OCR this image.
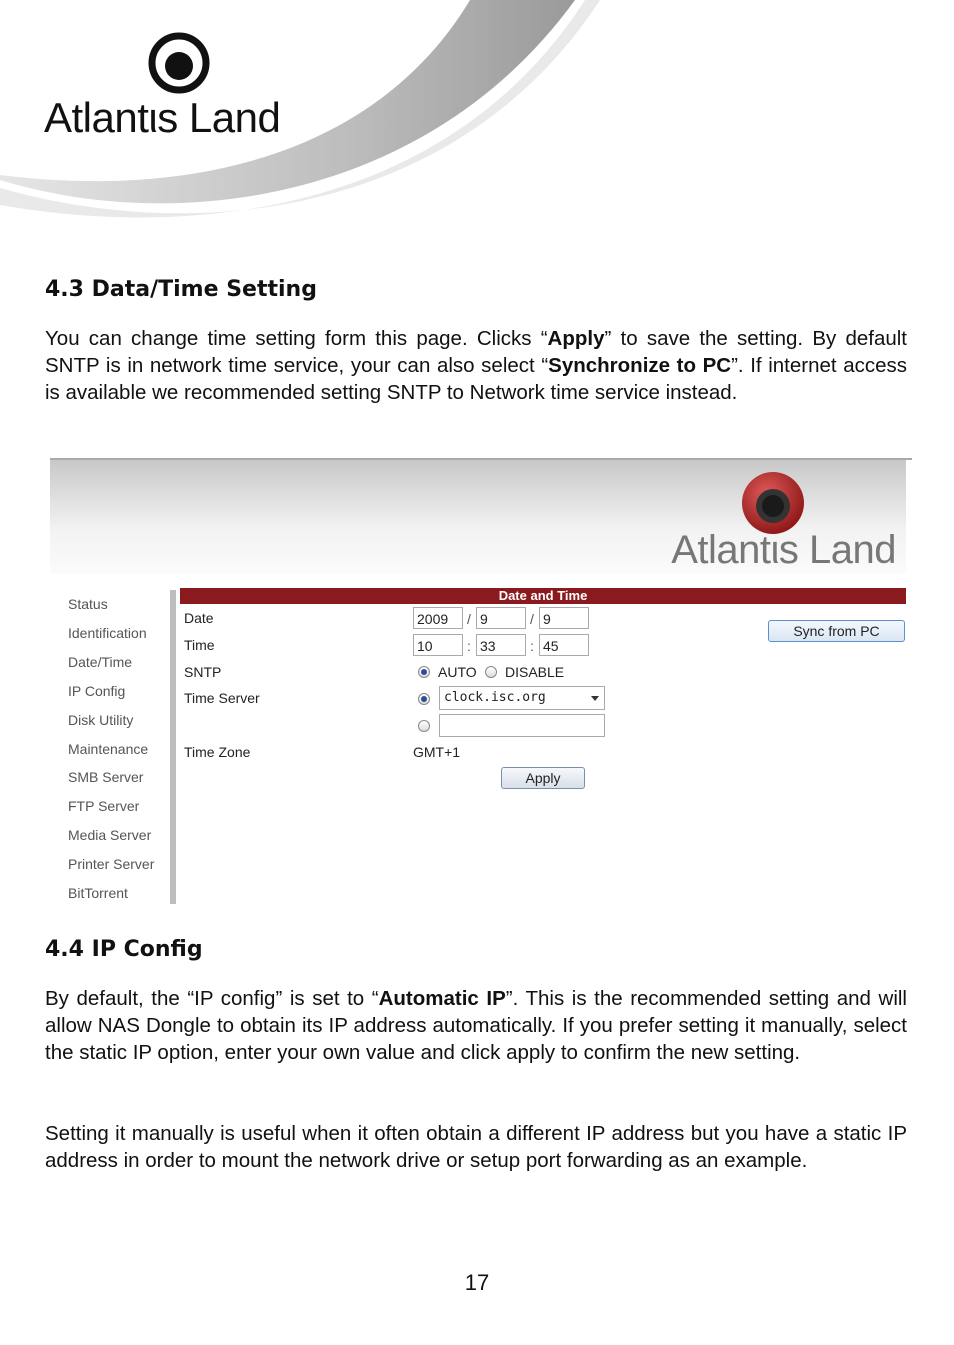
Atlantιs Land
4.3 Data/Time Setting

You can change time setting form this page. Clicks “Apply” to save the setting. By default SNTP is in network time service, your can also select “Synchronize to PC”. If internet access is available we recommended setting SNTP to Network time service instead.

Atlantιs Land
Status
Identification
Date/Time
IP Config
Disk Utility
Maintenance
SMB Server
FTP Server
Media Server
Printer Server
BitTorrent
Date and Time
Date	2009	/ 9	/ 9
Sync from PC
Time	10	: 33	: 45
SNTP	AUTO DISABLE
Time Server	clock.isc.org
Time Zone	GMT+1
Apply
4.4 IP Config

By default, the “IP config” is set to “Automatic IP”. This is the recommended setting and will allow NAS Dongle to obtain its IP address automatically. If you prefer setting it manually, select the static IP option, enter your own value and click apply to confirm the new setting.

Setting it manually is useful when it often obtain a different IP address but you have a static IP address in order to mount the network drive or setup port forwarding as an example.

17
